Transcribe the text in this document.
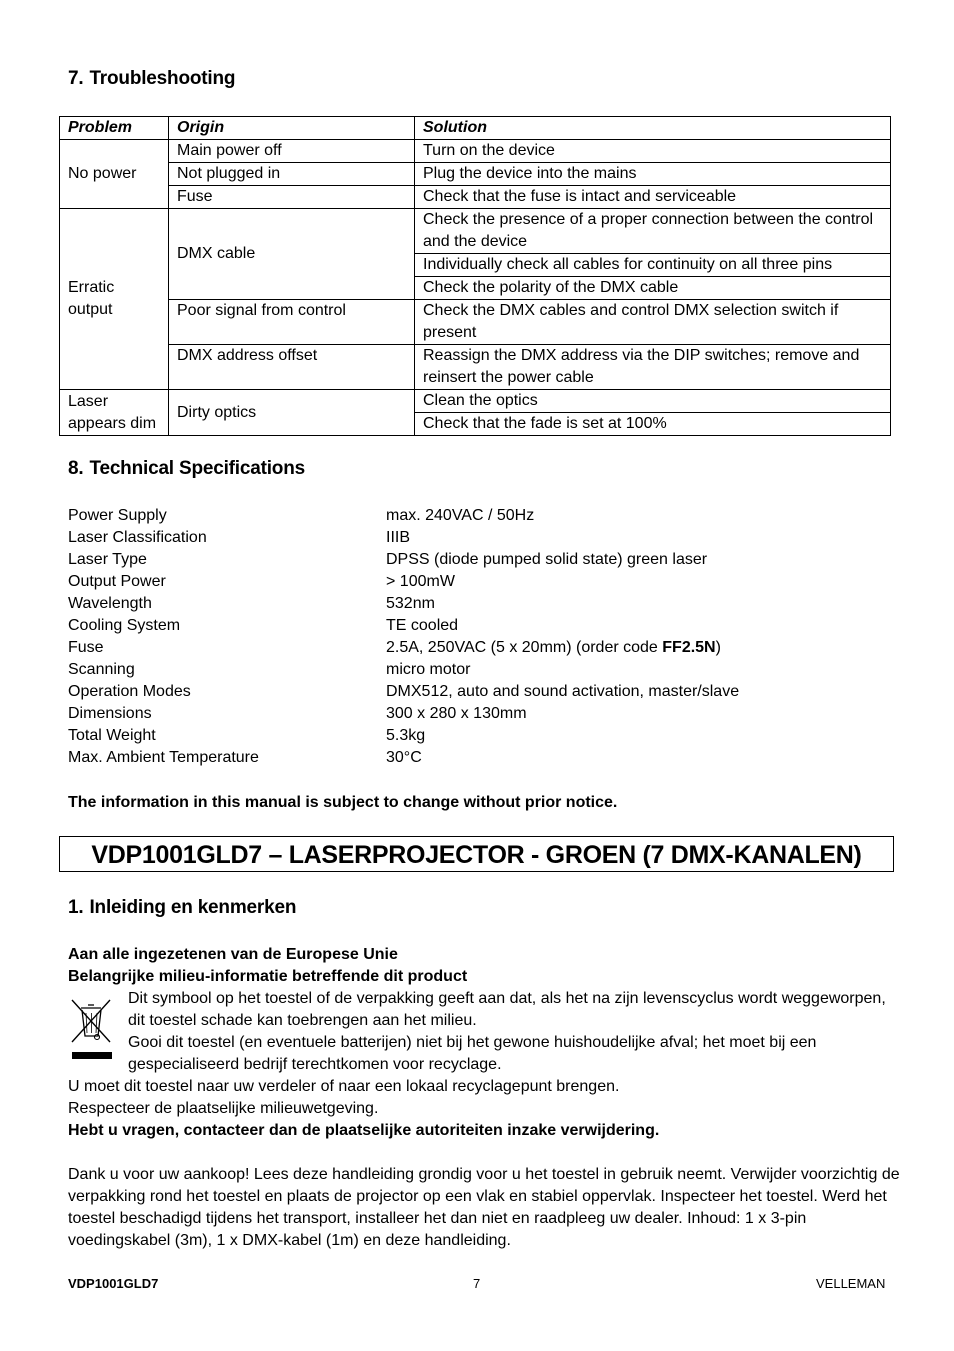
7. Troubleshooting
Problem	Origin	Solution
No power	Main power off	Turn on the device
	Not plugged in	Plug the device into the mains
	Fuse	Check that the fuse is intact and serviceable
Erratic output	DMX cable	Check the presence of a proper connection between the control and the device
		Individually check all cables for continuity on all three pins
		Check the polarity of the DMX cable
	Poor signal from control	Check the DMX cables and control DMX selection switch if present
	DMX address offset	Reassign the DMX address via the DIP switches; remove and reinsert the power cable
Laser appears dim	Dirty optics	Clean the optics
		Check that the fade is set at 100%
8. Technical Specifications
Power Supply	max. 240VAC / 50Hz
Laser Classification	IIIB
Laser Type	DPSS (diode pumped solid state) green laser
Output Power	> 100mW
Wavelength	532nm
Cooling System	TE cooled
Fuse	2.5A, 250VAC (5 x 20mm) (order code FF2.5N)
Scanning	micro motor
Operation Modes	DMX512, auto and sound activation, master/slave
Dimensions	300 x 280 x 130mm
Total Weight	5.3kg
Max. Ambient Temperature	30°C
The information in this manual is subject to change without prior notice.
VDP1001GLD7 – LASERPROJECTOR - GROEN (7 DMX-KANALEN)
1. Inleiding en kenmerken
Aan alle ingezetenen van de Europese Unie
Belangrijke milieu-informatie betreffende dit product
Dit symbool op het toestel of de verpakking geeft aan dat, als het na zijn levenscyclus wordt weggeworpen,
dit toestel schade kan toebrengen aan het milieu.
Gooi dit toestel (en eventuele batterijen) niet bij het gewone huishoudelijke afval; het moet bij een
gespecialiseerd bedrijf terechtkomen voor recyclage.
U moet dit toestel naar uw verdeler of naar een lokaal recyclagepunt brengen.
Respecteer de plaatselijke milieuwetgeving.
Hebt u vragen, contacteer dan de plaatselijke autoriteiten inzake verwijdering.
Dank u voor uw aankoop! Lees deze handleiding grondig voor u het toestel in gebruik neemt. Verwijder voorzichtig de
verpakking rond het toestel en plaats de projector op een vlak en stabiel oppervlak. Inspecteer het toestel. Werd het
toestel beschadigd tijdens het transport, installeer het dan niet en raadpleeg uw dealer. Inhoud: 1 x 3-pin
voedingskabel (3m), 1 x DMX-kabel (1m) en deze handleiding.
VDP1001GLD7	7	VELLEMAN
